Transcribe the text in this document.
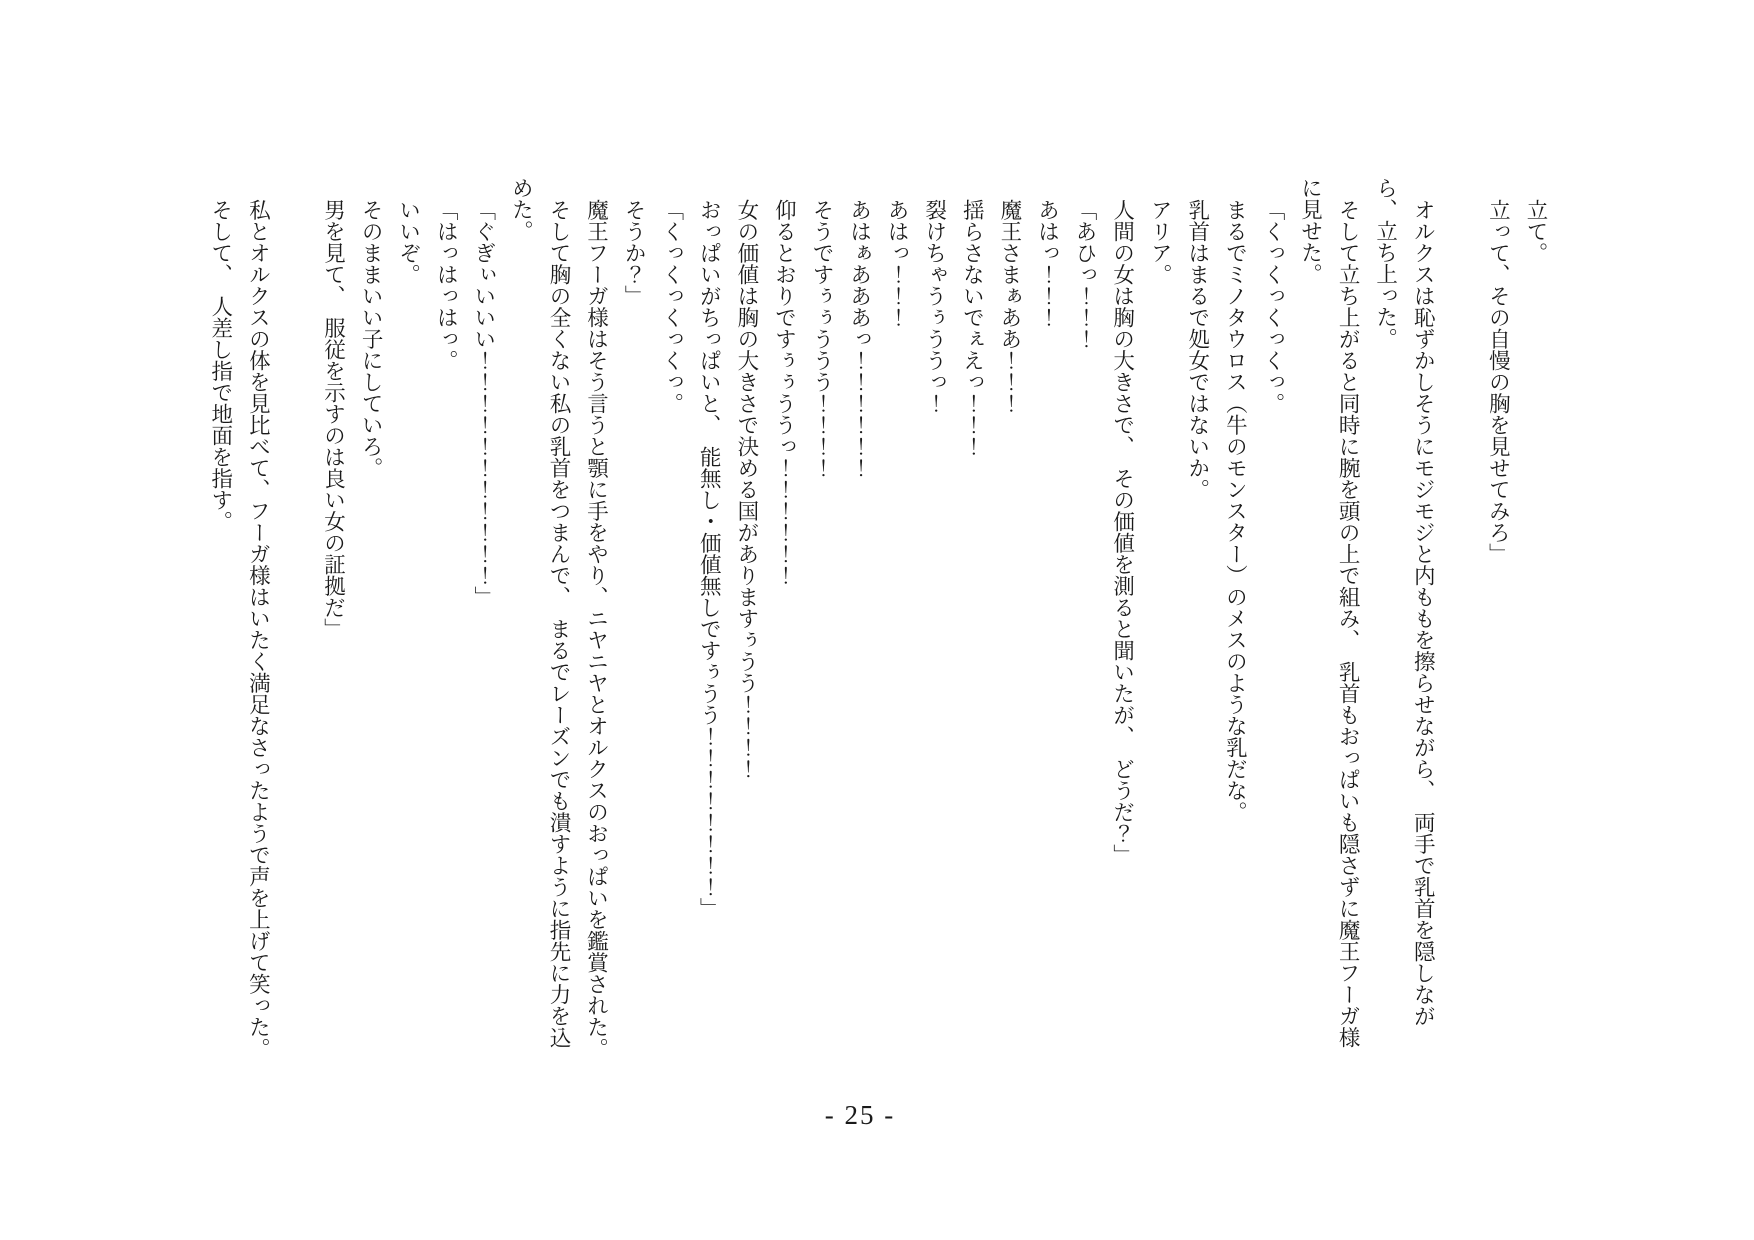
立て。

立って、その自慢の胸を見せてみろ」

オルクスは恥ずかしそうにモジモジと内ももを擦らせながら、　両手で乳首を隠しながら、立ち上った。

そして立ち上がると同時に腕を頭の上で組み、　乳首もおっぱいも隠さずに魔王フーガ様に見せた。

「くっくっくっくっ。

まるでミノタウロス（牛のモンスター）のメスのような乳だな。

乳首はまるで処女ではないか。

アリア。

人間の女は胸の大きさで、　その価値を測ると聞いたが、　どうだ？」

「あひっ！！！

あはっ！！！

魔王さまぁああ！！！

揺らさないでぇえっ！！！

裂けちゃうぅううっ！

あはっ！！！

あはぁあああっ！！！！！！

そうですぅぅううう！！！！

仰るとおりですぅぅううっ！！！！！！

女の価値は胸の大きさで決める国がありますぅうう！！！！

おっぱいがちっぱいと、　能無し・価値無しですぅうう！！！！！！！！」

「くっくっくっくっ。

そうか？」

魔王フーガ様はそう言うと顎に手をやり、ニヤニヤとオルクスのおっぱいを鑑賞された。

そして胸の全くない私の乳首をつまんで、　まるでレーズンでも潰すように指先に力を込めた。

「ぐぎぃいいい！！！！！！！！！！！」

「はっはっはっ。

いいぞ。

そのままいい子にしていろ。

男を見て、　服従を示すのは良い女の証拠だ」

私とオルクスの体を見比べて、フーガ様はいたく満足なさったようで声を上げて笑った。

そして、　人差し指で地面を指す。

- 25 -
